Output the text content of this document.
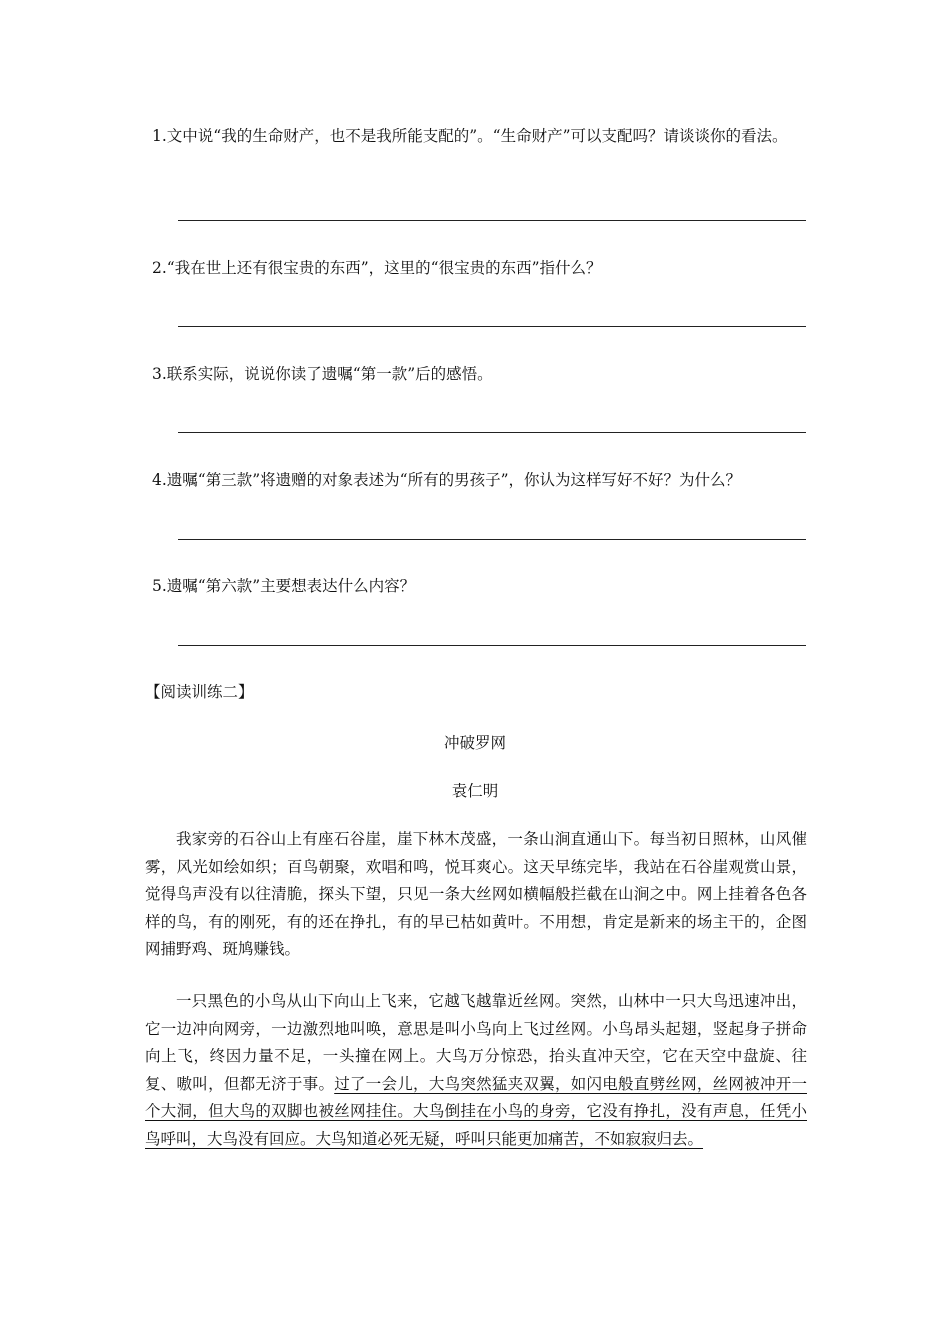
1.文中说“我的生命财产，也不是我所能支配的”。“生命财产”可以支配吗？请谈谈你的看法。
2.“我在世上还有很宝贵的东西”，这里的“很宝贵的东西”指什么？
3.联系实际，说说你读了遗嘱“第一款”后的感悟。
4.遗嘱“第三款”将遗赠的对象表述为“所有的男孩子”，你认为这样写好不好？为什么？
5.遗嘱“第六款”主要想表达什么内容？
【阅读训练二】
冲破罗网
袁仁明
我家旁的石谷山上有座石谷崖，崖下林木茂盛，一条山涧直通山下。每当初日照林，山风催雾，风光如绘如织；百鸟朝聚，欢唱和鸣，悦耳爽心。这天早练完毕，我站在石谷崖观赏山景，觉得鸟声没有以往清脆，探头下望，只见一条大丝网如横幅般拦截在山涧之中。网上挂着各色各样的鸟，有的刚死，有的还在挣扎，有的早已枯如黄叶。不用想，肯定是新来的场主干的，企图网捕野鸡、斑鸠赚钱。
一只黑色的小鸟从山下向山上飞来，它越飞越靠近丝网。突然，山林中一只大鸟迅速冲出，它一边冲向网旁，一边激烈地叫唤，意思是叫小鸟向上飞过丝网。小鸟昂头起翅，竖起身子拼命向上飞，终因力量不足，一头撞在网上。大鸟万分惊恐，抬头直冲天空，它在天空中盘旋、往复、嗷叫，但都无济于事。过了一会儿，大鸟突然猛夹双翼，如闪电般直劈丝网，丝网被冲开一个大洞，但大鸟的双脚也被丝网挂住。大鸟倒挂在小鸟的身旁，它没有挣扎，没有声息，任凭小鸟呼叫，大鸟没有回应。大鸟知道必死无疑，呼叫只能更加痛苦，不如寂寂归去。
